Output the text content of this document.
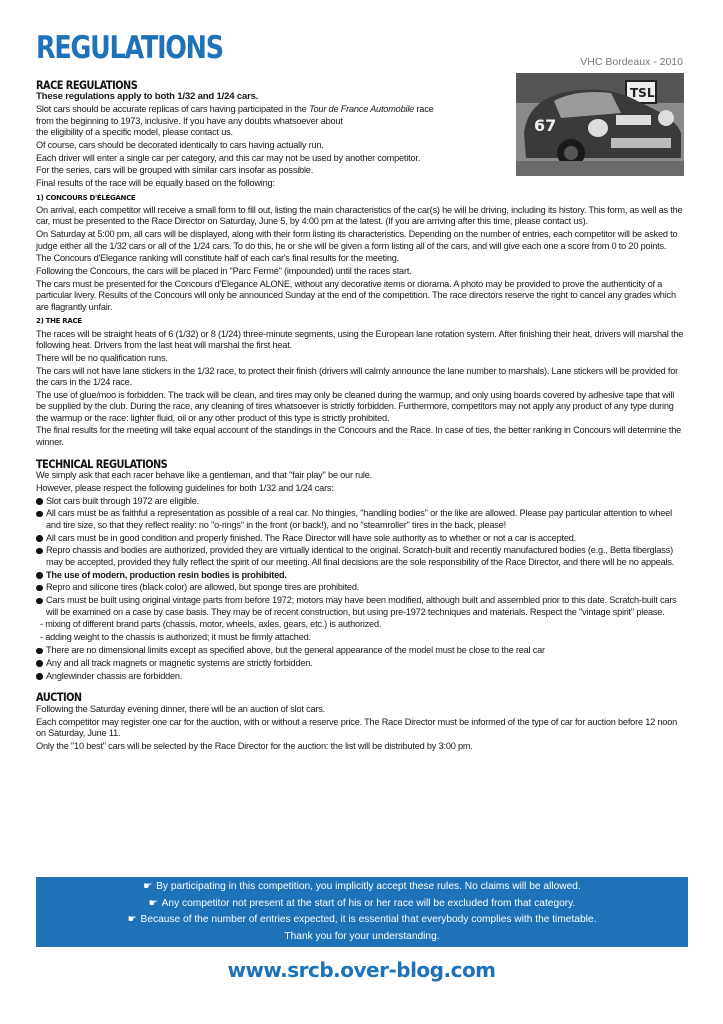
REGULATIONS	VHC Bordeaux - 2010
TSL
67
RACE REGULATIONS

These regulations apply to both 1/32 and 1/24 cars.

Slot cars should be accurate replicas of cars having participated in the Tour de France Automobile race
from the beginning to 1973, inclusive. If you have any doubts whatsoever about
the eligibility of a specific model, please contact us.

Of course, cars should be decorated identically to cars having actually run.

Each driver will enter a single car per category, and this car may not be used by another competitor.

For the series, cars will be grouped with similar cars insofar as possible.

Final results of the race will be equally based on the following:

1) CONCOURS D'ÉLÉGANCE

On arrival, each competitor will receive a small form to fill out, listing the main characteristics of the car(s) he will be driving, including its history. This form, as well as the car, must be presented to the Race Director on Saturday, June 5, by 4:00 pm at the latest. (If you are arriving after this time, please contact us).

On Saturday at 5:00 pm, all cars will be displayed, along with their form listing its characteristics. Depending on the number of entries, each competitor will be asked to judge either all the 1/32 cars or all of the 1/24 cars. To do this, he or she will be given a form listing all of the cars, and will give each one a score from 0 to 20 points.

The Concours d'Elegance ranking will constitute half of each car's final results for the meeting.

Following the Concours, the cars will be placed in "Parc Fermé" (impounded) until the races start.

The cars must be presented for the Concours d'Elegance ALONE, without any decorative items or diorama. A photo may be provided to prove the authenticity of a particular livery. Results of the Concours will only be announced Sunday at the end of the competition. The race directors reserve the right to cancel any grades which are flagrantly unfair.

2) THE RACE

The races will be straight heats of 6 (1/32) or 8 (1/24) three-minute segments, using the European lane rotation system. After finishing their heat, drivers will marshal the following heat. Drivers from the last heat will marshal the first heat.

There will be no qualification runs.

The cars will not have lane stickers in the 1/32 race, to protect their finish (drivers will calmly announce the lane number to marshals). Lane stickers will be provided for the cars in the 1/24 race.

The use of glue/moo is forbidden. The track will be clean, and tires may only be cleaned during the warmup, and only using boards covered by adhesive tape that will be supplied by the club. During the race, any cleaning of tires whatsoever is strictly forbidden. Furthermore, competitors may not apply any product of any type during the warmup or the race: lighter fluid, oil or any other product of this type is strictly prohibited.

The final results for the meeting will take equal account of the standings in the Concours and the Race. In case of ties, the better ranking in Concours will determine the winner.

TECHNICAL REGULATIONS

We simply ask that each racer behave like a gentleman, and that "fair play" be our rule.

However, please respect the following guidelines for both 1/32 and 1/24 cars:

Slot cars built through 1972 are eligible.
All cars must be as faithful a representation as possible of a real car. No thingies, "handling bodies" or the like are allowed. Please pay particular attention to wheel and tire size, so that they reflect reality: no "o-rings" in the front (or back!), and no "steamroller" tires in the back, please!
All cars must be in good condition and properly finished. The Race Director will have sole authority as to whether or not a car is accepted.
Repro chassis and bodies are authorized, provided they are virtually identical to the original. Scratch-built and recently manufactured bodies (e.g., Betta fiberglass) may be accepted, provided they fully reflect the spirit of our meeting. All final decisions are the sole responsibility of the Race Director, and there will be no appeals.
The use of modern, production resin bodies is prohibited.
Repro and silicone tires (black color) are allowed, but sponge tires are prohibited.
Cars must be built using original vintage parts from before 1972; motors may have been modified, although built and assembled prior to this date. Scratch-built cars will be examined on a case by case basis. They may be of recent construction, but using pre-1972 techniques and materials. Respect the "vintage spirit" please.

- mixing of different brand parts (chassis, motor, wheels, axles, gears, etc.) is authorized.

- adding weight to the chassis is authorized; it must be firmly attached.

There are no dimensional limits except as specified above, but the general appearance of the model must be close to the real car
Any and all track magnets or magnetic systems are strictly forbidden.
Anglewinder chassis are forbidden.
AUCTION

Following the Saturday evening dinner, there will be an auction of slot cars.

Each competitor may register one car for the auction, with or without a reserve price. The Race Director must be informed of the type of car for auction before 12 noon on Saturday, June 11.

Only the "10 best" cars will be selected by the Race Director for the auction: the list will be distributed by 3:00 pm.

☛ By participating in this competition, you implicitly accept these rules. No claims will be allowed.
☛ Any competitor not present at the start of his or her race will be excluded from that category.
☛ Because of the number of entries expected, it is essential that everybody complies with the timetable.
Thank you for your understanding.
www.srcb.over-blog.com
